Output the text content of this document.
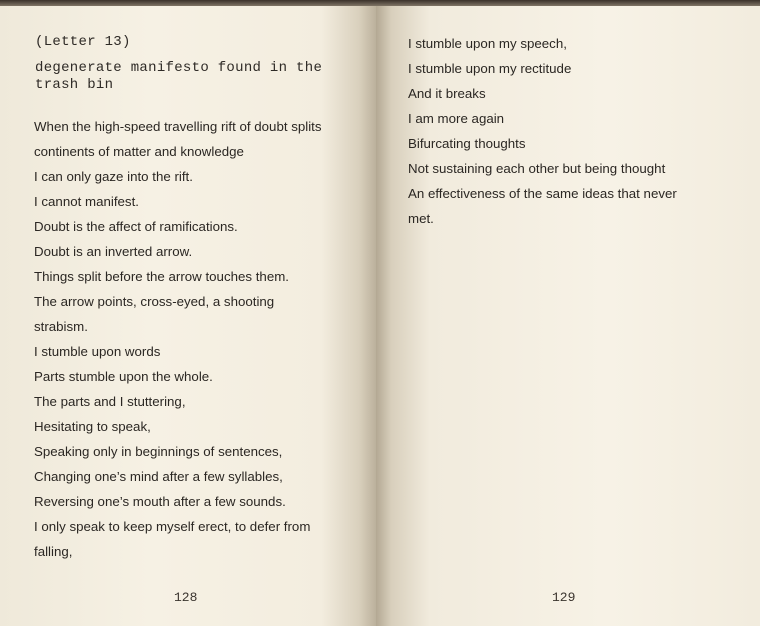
(Letter 13)
degenerate manifesto found in the trash bin
When the high-speed travelling rift of doubt splits
continents of matter and knowledge
I can only gaze into the rift.
I cannot manifest.
Doubt is the affect of ramifications.
Doubt is an inverted arrow.
Things split before the arrow touches them.
The arrow points, cross-eyed, a shooting
strabism.
I stumble upon words
Parts stumble upon the whole.
The parts and I stuttering,
Hesitating to speak,
Speaking only in beginnings of sentences,
Changing one’s mind after a few syllables,
Reversing one’s mouth after a few sounds.
I only speak to keep myself erect, to defer from
falling,
I stumble upon my speech,
I stumble upon my rectitude
And it breaks
I am more again
Bifurcating thoughts
Not sustaining each other but being thought
An effectiveness of the same ideas that never
met.
128	129
